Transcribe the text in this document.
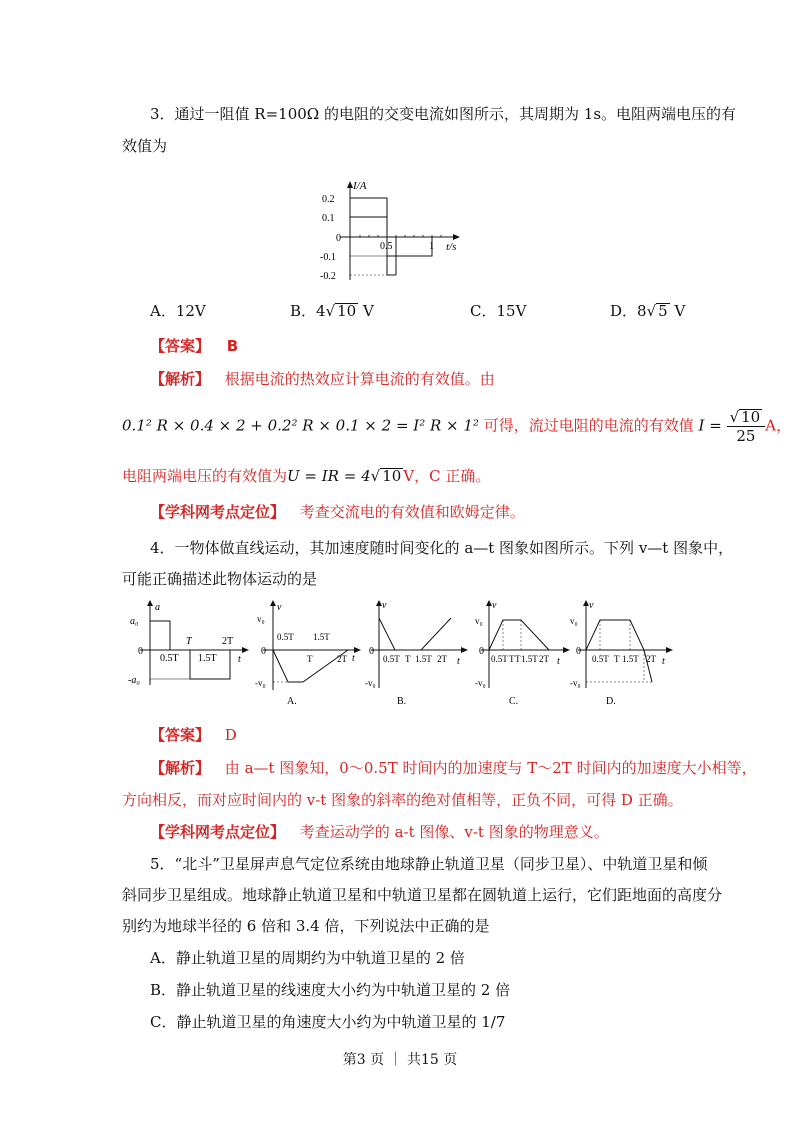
3．通过一阻值 R=100Ω 的电阻的交变电流如图所示，其周期为 1s。电阻两端电压的有
效值为
I/A
0.2
0.1
0
-0.1
-0.2
0.5	1 t/s
A．12V	B．4√ 10 V	C．15V	D．8√ 5 V
【答案】 B
【解析】 根据电流的热效应计算电流的有效值。由
0.1² R × 0.4 × 2 + 0.2² R × 0.1 × 2 = I² R × 1² 可得，流过电阻的电流的有效值 $I = \frac{√ 10}{25}$ A，
电阻两端电压的有效值为U = IR = 4√ 10 V，C 正确。
【学科网考点定位】 考查交流电的有效值和欧姆定律。
4．一物体做直线运动，其加速度随时间变化的 a—t 图象如图所示。下列 v—t 图象中，
可能正确描述此物体运动的是
a
a₀
0
-a₀
0.5T
T
1.5T
2T
t
v
v₀
0
-v₀
0.5T
T
1.5T
2T t
A.
v
0
-v₀
0.5T T 1.5T 2T t
B.
v
v₀
0
-v₀
0.5T T T 1.5T 2T t
C.
v
v₀
0
-v₀
0.5T T 1.5T 2T t
D.
【答案】 D
【解析】 由 a—t 图象知，0～0.5T 时间内的加速度与 T～2T 时间内的加速度大小相等，
方向相反，而对应时间内的 v-t 图象的斜率的绝对值相等，正负不同，可得 D 正确。
【学科网考点定位】 考查运动学的 a-t 图像、v-t 图象的物理意义。
5．“北斗”卫星屏声息气定位系统由地球静止轨道卫星（同步卫星）、中轨道卫星和倾
斜同步卫星组成。地球静止轨道卫星和中轨道卫星都在圆轨道上运行，它们距地面的高度分
别约为地球半径的 6 倍和 3.4 倍，下列说法中正确的是
A．静止轨道卫星的周期约为中轨道卫星的 2 倍
B．静止轨道卫星的线速度大小约为中轨道卫星的 2 倍
C．静止轨道卫星的角速度大小约为中轨道卫星的 1/7
第3 页 ｜ 共15 页
